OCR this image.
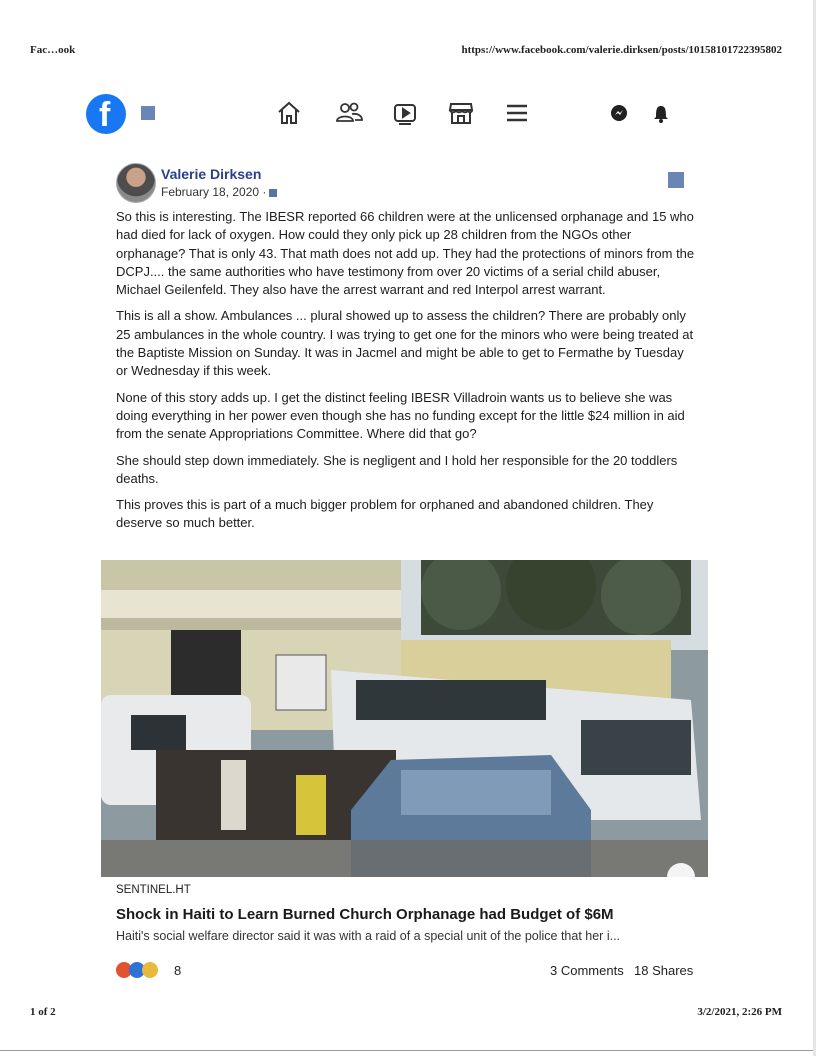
Fac…ook	https://www.facebook.com/valerie.dirksen/posts/10158101722395802
1 of 2	3/2/2021, 2:26 PM
f
Valerie Dirksen
February 18, 2020 ·

So this is interesting. The IBESR reported 66 children were at the unlicensed orphanage and 15 who had died for lack of oxygen. How could they only pick up 28 children from the NGOs other orphanage? That is only 43. That math does not add up. They had the protections of minors from the DCPJ.... the same authorities who have testimony from over 20 victims of a serial child abuser, Michael Geilenfeld. They also have the arrest warrant and red Interpol arrest warrant.

This is all a show. Ambulances ... plural showed up to assess the children? There are probably only 25 ambulances in the whole country. I was trying to get one for the minors who were being treated at the Baptiste Mission on Sunday. It was in Jacmel and might be able to get to Fermathe by Tuesday or Wednesday if this week.

None of this story adds up. I get the distinct feeling IBESR Villadroin wants us to believe she was doing everything in her power even though she has no funding except for the little $24 million in aid from the senate Appropriations Committee. Where did that go?

She should step down immediately. She is negligent and I hold her responsible for the 20 toddlers deaths.

This proves this is part of a much bigger problem for orphaned and abandoned children. They deserve so much better.

SENTINEL.HT
Shock in Haiti to Learn Burned Church Orphanage had Budget of $6M
Haiti's social welfare director said it was with a raid of a special unit of the police that her i...
8	3 Comments 18 Shares
